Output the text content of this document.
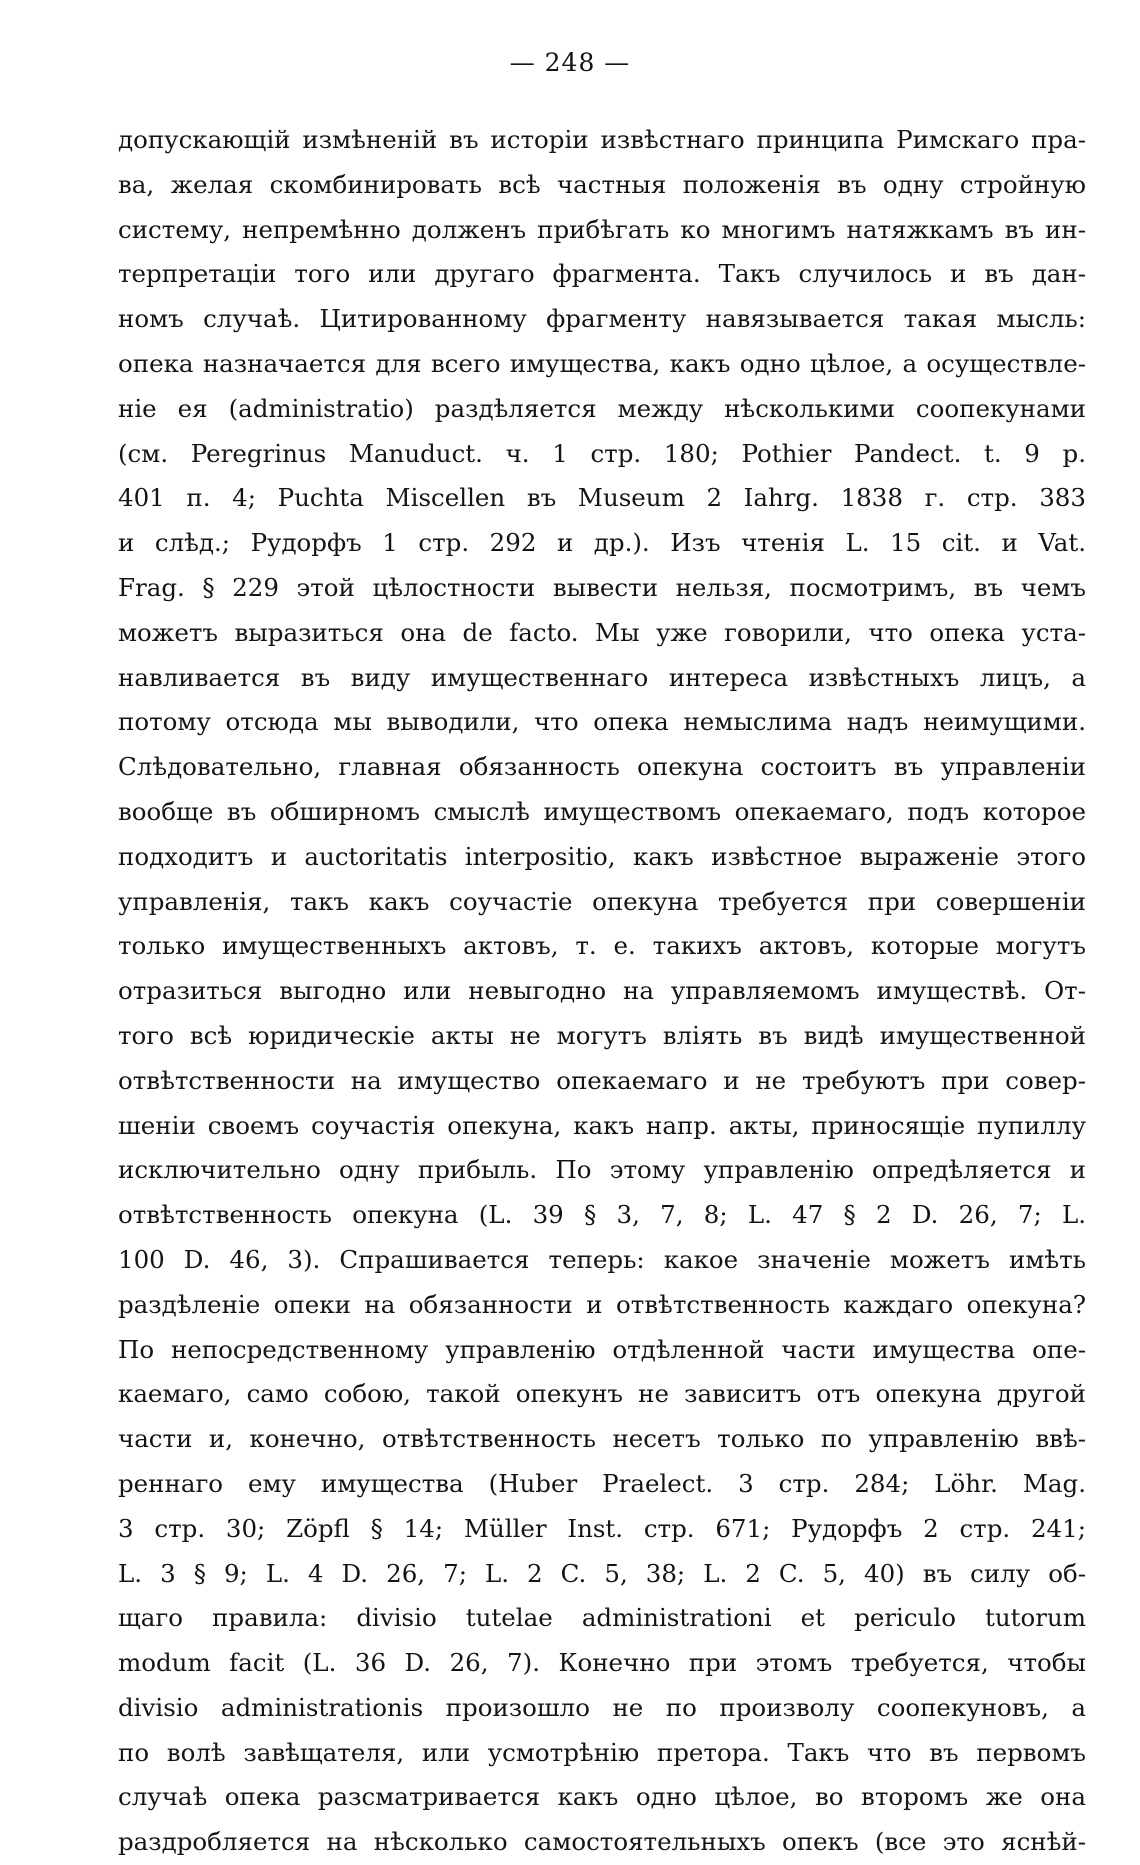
— 248 —
допускающій измѣненій въ исторіи извѣстнаго принципа Римскаго пра-
ва, желая скомбинировать всѣ частныя положенія въ одну стройную
систему, непремѣнно долженъ прибѣгать ко многимъ натяжкамъ въ ин-
терпретаціи того или другаго фрагмента. Такъ случилось и въ дан-
номъ случаѣ. Цитированному фрагменту навязывается такая мысль:
опека назначается для всего имущества, какъ одно цѣлое, а осуществле-
ніе ея (administratio) раздѣляется между нѣсколькими соопекунами
(см. Peregrinus Manuduct. ч. 1 стр. 180; Pothier Pandect. t. 9 p.
401 п. 4; Puchta Miscellen въ Museum 2 Iahrg. 1838 г. стр. 383
и слѣд.; Рудорфъ 1 стр. 292 и др.). Изъ чтенія L. 15 cit. и Vat.
Frag. § 229 этой цѣлостности вывести нельзя, посмотримъ, въ чемъ
можетъ выразиться она de facto. Мы уже говорили, что опека уста-
навливается въ виду имущественнаго интереса извѣстныхъ лицъ, а
потому отсюда мы выводили, что опека немыслима надъ неимущими.
Слѣдовательно, главная обязанность опекуна состоитъ въ управленіи
вообще въ обширномъ смыслѣ имуществомъ опекаемаго, подъ которое
подходитъ и auctoritatis interpositio, какъ извѣстное выраженіе этого
управленія, такъ какъ соучастіе опекуна требуется при совершеніи
только имущественныхъ актовъ, т. е. такихъ актовъ, которые могутъ
отразиться выгодно или невыгодно на управляемомъ имуществѣ. От-
того всѣ юридическіе акты не могутъ вліять въ видѣ имущественной
отвѣтственности на имущество опекаемаго и не требуютъ при совер-
шеніи своемъ соучастія опекуна, какъ напр. акты, приносящіе пупиллу
исключительно одну прибыль. По этому управленію опредѣляется и
отвѣтственность опекуна (L. 39 § 3, 7, 8; L. 47 § 2 D. 26, 7; L.
100 D. 46, 3). Спрашивается теперь: какое значеніе можетъ имѣть
раздѣленіе опеки на обязанности и отвѣтственность каждаго опекуна?
По непосредственному управленію отдѣленной части имущества опе-
каемаго, само собою, такой опекунъ не зависитъ отъ опекуна другой
части и, конечно, отвѣтственность несетъ только по управленію ввѣ-
реннаго ему имущества (Huber Praelect. 3 стр. 284; Löhr. Mag.
3 стр. 30; Zöpfl § 14; Müller Inst. стр. 671; Рудорфъ 2 стр. 241;
L. 3 § 9; L. 4 D. 26, 7; L. 2 C. 5, 38; L. 2 C. 5, 40) въ силу об-
щаго правила: divisio tutelae administrationi et periculo tutorum
modum facit (L. 36 D. 26, 7). Конечно при этомъ требуется, чтобы
divisio administrationis произошло не по произволу соопекуновъ, а
по волѣ завѣщателя, или усмотрѣнію претора. Такъ что въ первомъ
случаѣ опека разсматривается какъ одно цѣлое, во второмъ же она
раздробляется на нѣсколько самостоятельныхъ опекъ (все это яснѣй-
